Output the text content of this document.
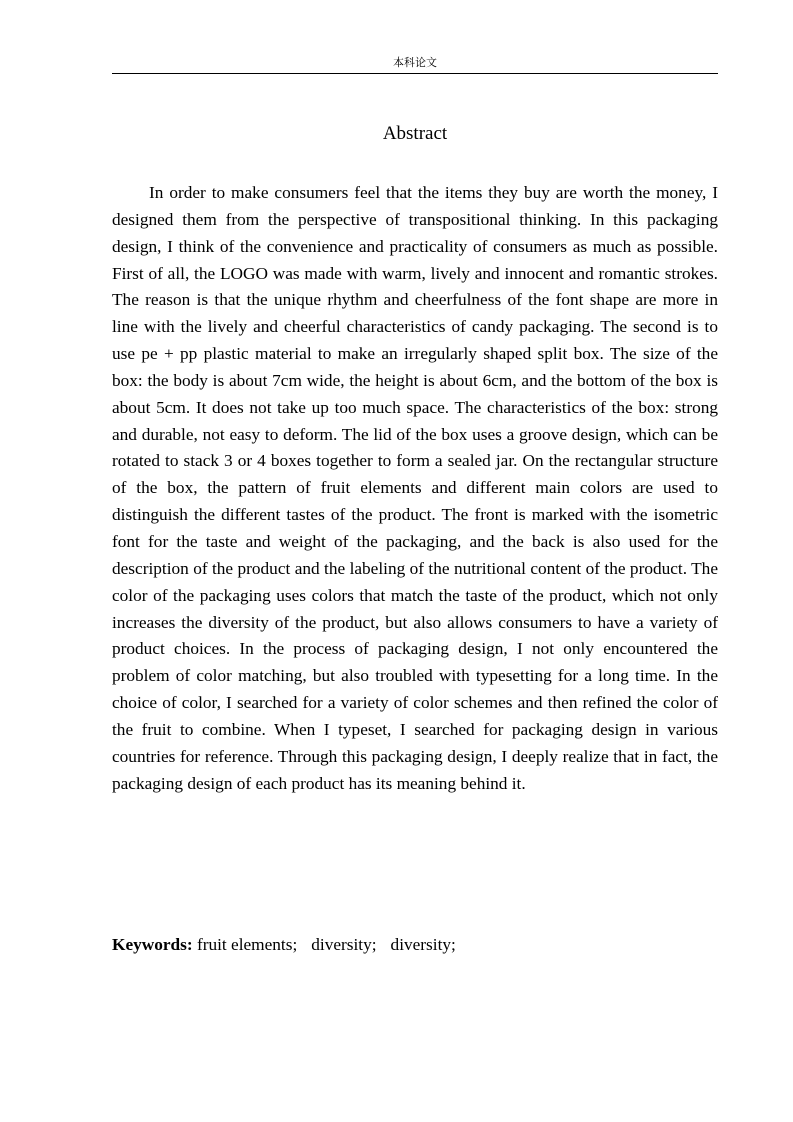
本科论文
Abstract

In order to make consumers feel that the items they buy are worth the money, I designed them from the perspective of transpositional thinking. In this packaging design, I think of the convenience and practicality of consumers as much as possible. First of all, the LOGO was made with warm, lively and innocent and romantic strokes. The reason is that the unique rhythm and cheerfulness of the font shape are more in line with the lively and cheerful characteristics of candy packaging. The second is to use pe + pp plastic material to make an irregularly shaped split box. The size of the box: the body is about 7cm wide, the height is about 6cm, and the bottom of the box is about 5cm. It does not take up too much space. The characteristics of the box: strong and durable, not easy to deform. The lid of the box uses a groove design, which can be rotated to stack 3 or 4 boxes together to form a sealed jar. On the rectangular structure of the box, the pattern of fruit elements and different main colors are used to distinguish the different tastes of the product. The front is marked with the isometric font for the taste and weight of the packaging, and the back is also used for the description of the product and the labeling of the nutritional content of the product. The color of the packaging uses colors that match the taste of the product, which not only increases the diversity of the product, but also allows consumers to have a variety of product choices. In the process of packaging design, I not only encountered the problem of color matching, but also troubled with typesetting for a long time. In the choice of color, I searched for a variety of color schemes and then refined the color of the fruit to combine. When I typeset, I searched for packaging design in various countries for reference. Through this packaging design, I deeply realize that in fact, the packaging design of each product has its meaning behind it.

Keywords: fruit elements; diversity; diversity;
